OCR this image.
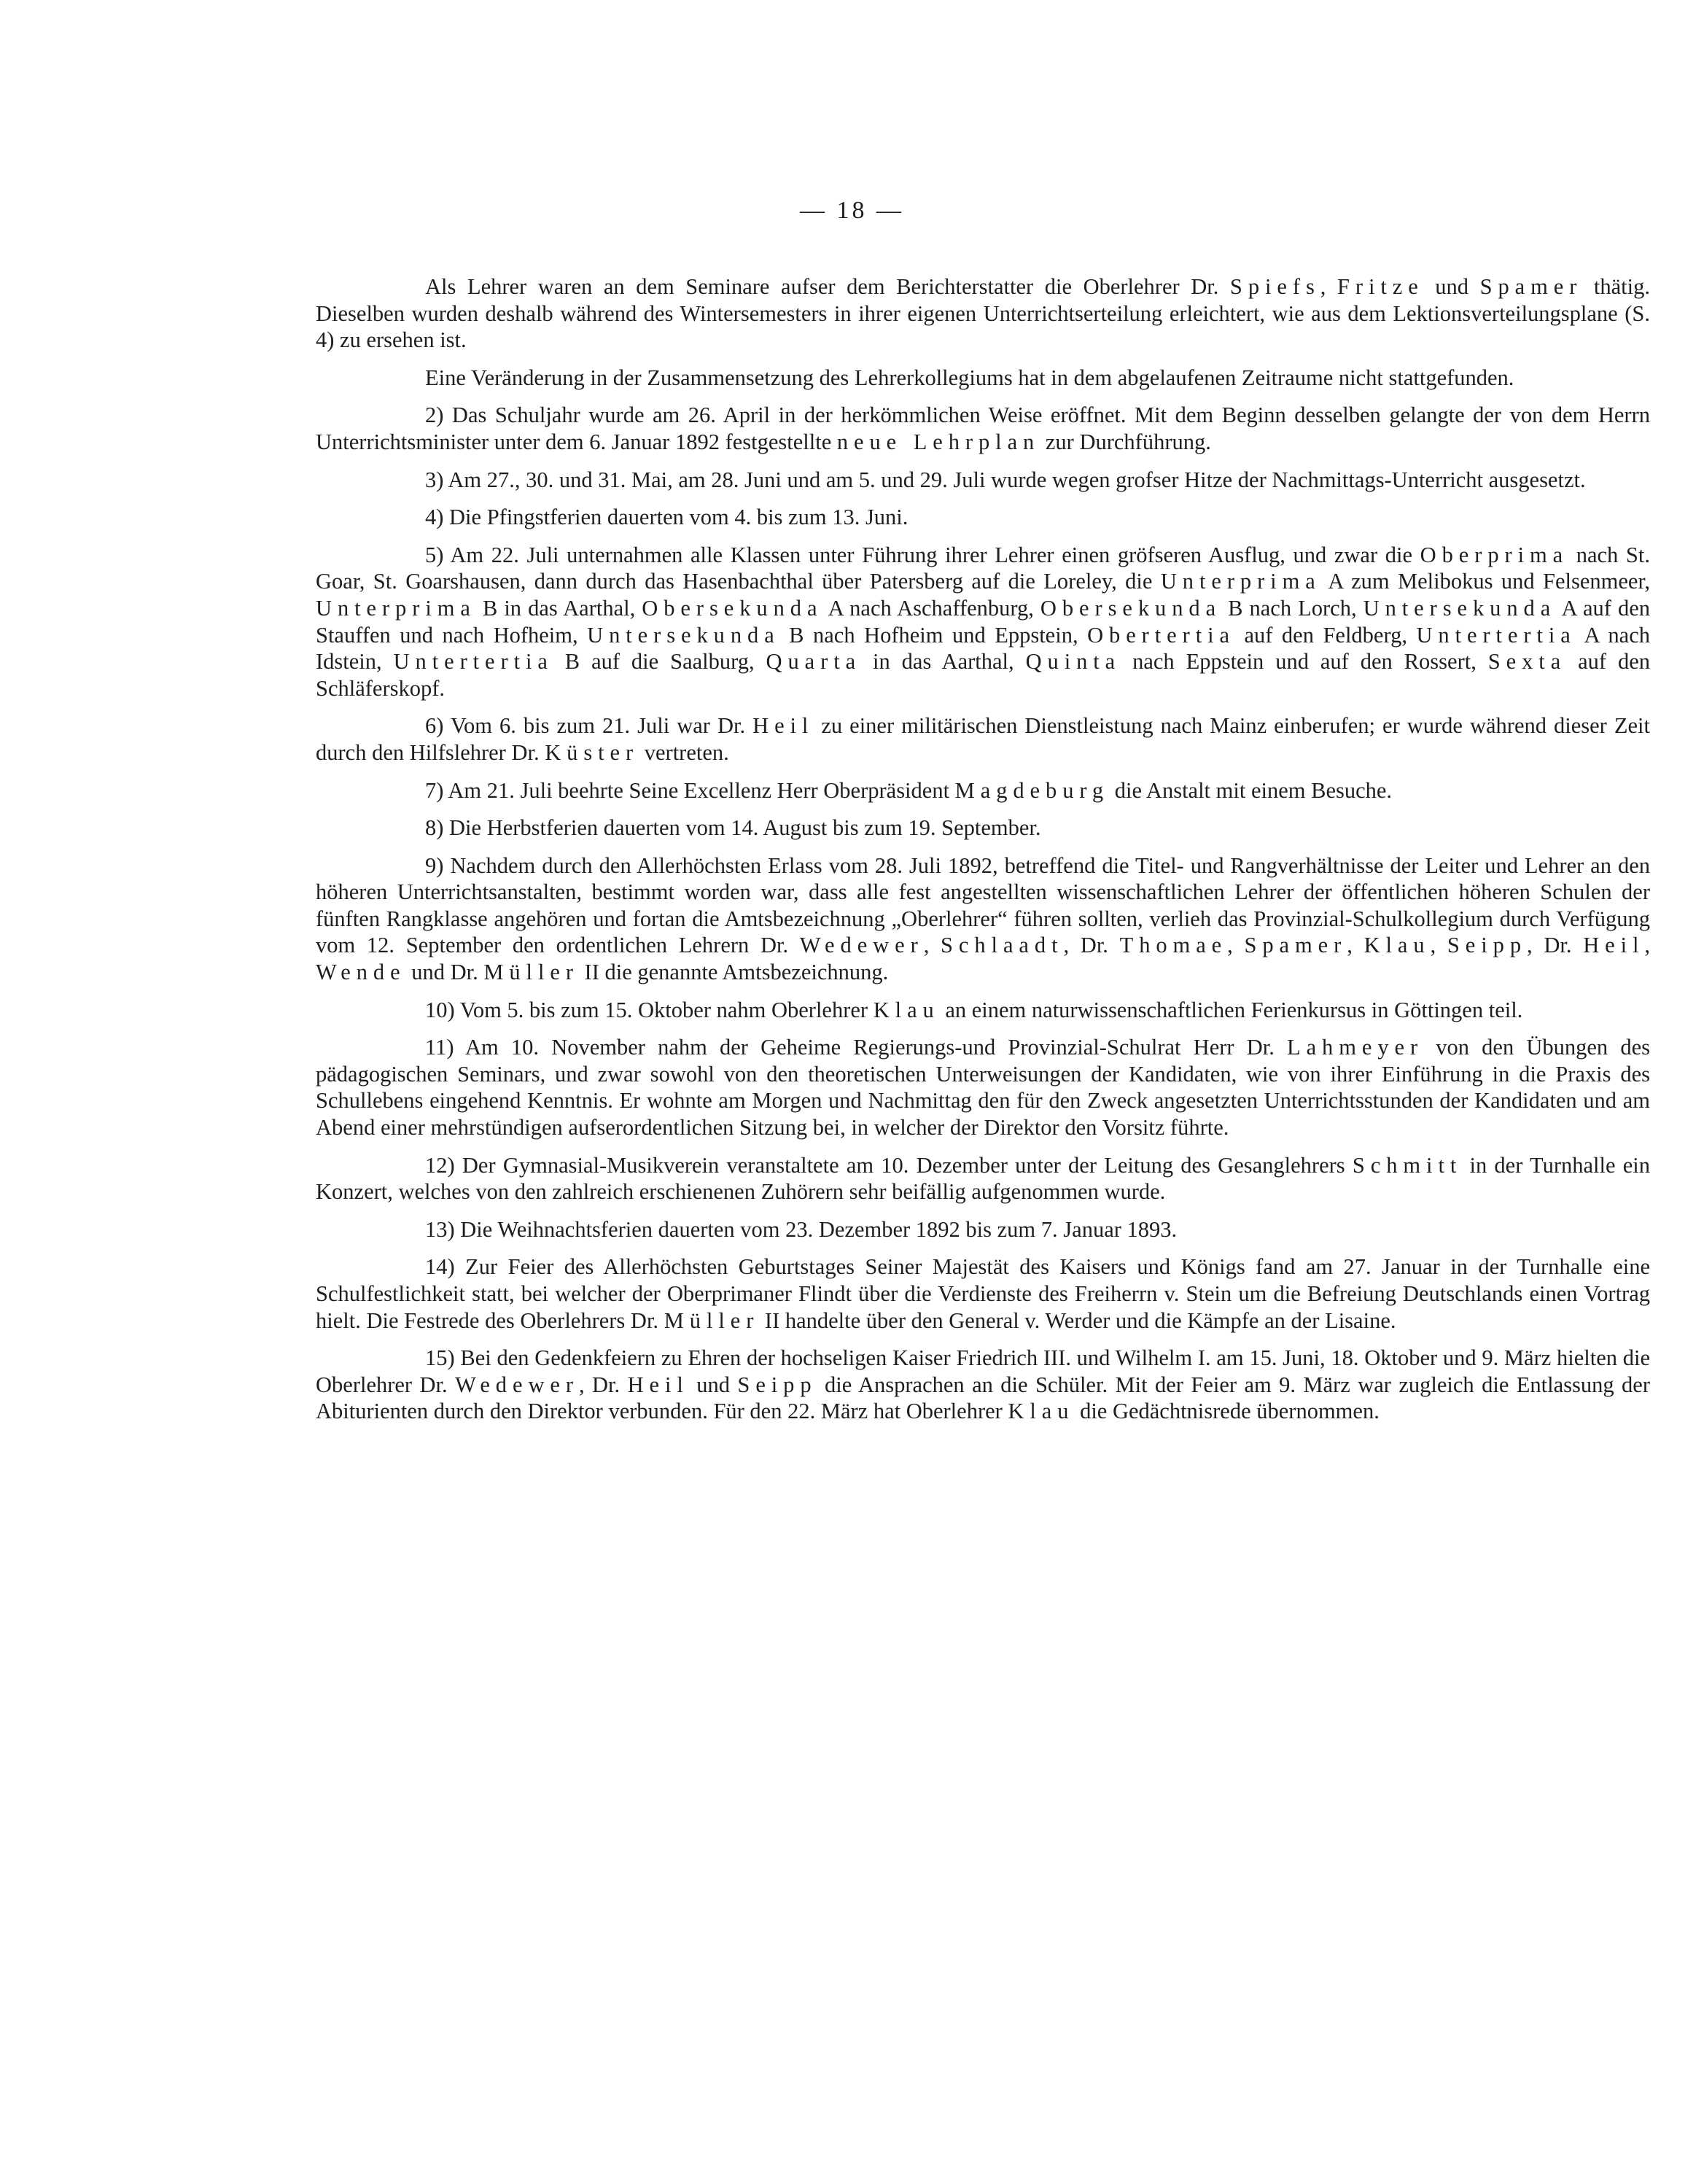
— 18 —

Als Lehrer waren an dem Seminare aufser dem Berichterstatter die Oberlehrer Dr. Spiefs, Fritze und Spamer thätig. Dieselben wurden deshalb während des Wintersemesters in ihrer eigenen Unterrichtserteilung erleichtert, wie aus dem Lektionsverteilungsplane (S. 4) zu ersehen ist.

Eine Veränderung in der Zusammensetzung des Lehrerkollegiums hat in dem abgelaufenen Zeitraume nicht stattgefunden.

2) Das Schuljahr wurde am 26. April in der herkömmlichen Weise eröffnet. Mit dem Beginn desselben gelangte der von dem Herrn Unterrichtsminister unter dem 6. Januar 1892 festgestellte neue Lehrplan zur Durchführung.

3) Am 27., 30. und 31. Mai, am 28. Juni und am 5. und 29. Juli wurde wegen grofser Hitze der Nachmittags-Unterricht ausgesetzt.

4) Die Pfingstferien dauerten vom 4. bis zum 13. Juni.

5) Am 22. Juli unternahmen alle Klassen unter Führung ihrer Lehrer einen gröfseren Ausflug, und zwar die Oberprima nach St. Goar, St. Goarshausen, dann durch das Hasenbachthal über Patersberg auf die Loreley, die Unterprima A zum Melibokus und Felsenmeer, Unterprima B in das Aarthal, Obersekunda A nach Aschaffenburg, Obersekunda B nach Lorch, Untersekunda A auf den Stauffen und nach Hofheim, Untersekunda B nach Hofheim und Eppstein, Obertertia auf den Feldberg, Untertertia A nach Idstein, Untertertia B auf die Saalburg, Quarta in das Aarthal, Quinta nach Eppstein und auf den Rossert, Sexta auf den Schläferskopf.

6) Vom 6. bis zum 21. Juli war Dr. Heil zu einer militärischen Dienstleistung nach Mainz einberufen; er wurde während dieser Zeit durch den Hilfslehrer Dr. Küster vertreten.

7) Am 21. Juli beehrte Seine Excellenz Herr Oberpräsident Magdeburg die Anstalt mit einem Besuche.

8) Die Herbstferien dauerten vom 14. August bis zum 19. September.

9) Nachdem durch den Allerhöchsten Erlass vom 28. Juli 1892, betreffend die Titel- und Rangverhältnisse der Leiter und Lehrer an den höheren Unterrichtsanstalten, bestimmt worden war, dass alle fest angestellten wissenschaftlichen Lehrer der öffentlichen höheren Schulen der fünften Rangklasse angehören und fortan die Amtsbezeichnung „Oberlehrer“ führen sollten, verlieh das Provinzial-Schulkollegium durch Verfügung vom 12. September den ordentlichen Lehrern Dr. Wedewer, Schlaadt, Dr. Thomae, Spamer, Klau, Seipp, Dr. Heil, Wende und Dr. Müller II die genannte Amtsbezeichnung.

10) Vom 5. bis zum 15. Oktober nahm Oberlehrer Klau an einem naturwissenschaftlichen Ferienkursus in Göttingen teil.

11) Am 10. November nahm der Geheime Regierungs-und Provinzial-Schulrat Herr Dr. Lahmeyer von den Übungen des pädagogischen Seminars, und zwar sowohl von den theoretischen Unterweisungen der Kandidaten, wie von ihrer Einführung in die Praxis des Schullebens eingehend Kenntnis. Er wohnte am Morgen und Nachmittag den für den Zweck angesetzten Unterrichtsstunden der Kandidaten und am Abend einer mehrstündigen aufserordentlichen Sitzung bei, in welcher der Direktor den Vorsitz führte.

12) Der Gymnasial-Musikverein veranstaltete am 10. Dezember unter der Leitung des Gesanglehrers Schmitt in der Turnhalle ein Konzert, welches von den zahlreich erschienenen Zuhörern sehr beifällig aufgenommen wurde.

13) Die Weihnachtsferien dauerten vom 23. Dezember 1892 bis zum 7. Januar 1893.

14) Zur Feier des Allerhöchsten Geburtstages Seiner Majestät des Kaisers und Königs fand am 27. Januar in der Turnhalle eine Schulfestlichkeit statt, bei welcher der Oberprimaner Flindt über die Verdienste des Freiherrn v. Stein um die Befreiung Deutschlands einen Vortrag hielt. Die Festrede des Oberlehrers Dr. Müller II handelte über den General v. Werder und die Kämpfe an der Lisaine.

15) Bei den Gedenkfeiern zu Ehren der hochseligen Kaiser Friedrich III. und Wilhelm I. am 15. Juni, 18. Oktober und 9. März hielten die Oberlehrer Dr. Wedewer, Dr. Heil und Seipp die Ansprachen an die Schüler. Mit der Feier am 9. März war zugleich die Entlassung der Abiturienten durch den Direktor verbunden. Für den 22. März hat Oberlehrer Klau die Gedächtnisrede übernommen.
